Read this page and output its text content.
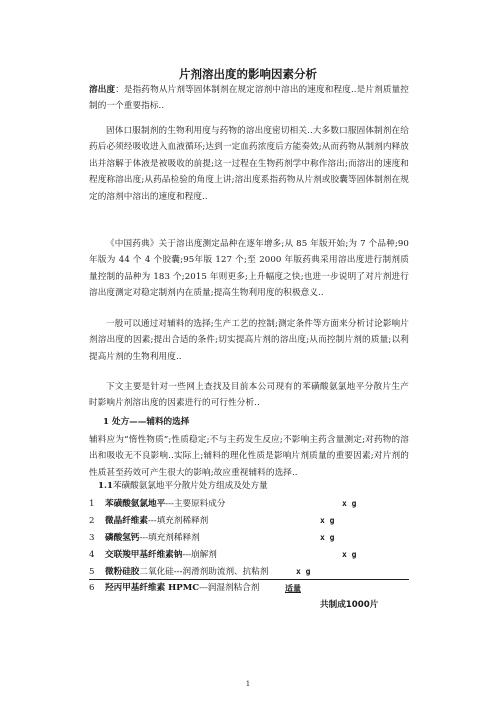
片剂溶出度的影响因素分析
溶出度：是指药物从片剂等固体制剂在规定溶剂中溶出的速度和程度..是片剂质量控制的一个重要指标..
固体口服制剂的生物利用度与药物的溶出度密切相关..大多数口服固体制剂在给药后必须经吸收进入血液循环;达到一定血药浓度后方能奏效;从而药物从制剂内释放出并溶解于体液是被吸收的前提;这一过程在生物药剂学中称作溶出;而溶出的速度和程度称溶出度;从药品检验的角度上讲;溶出度系指药物从片剂或胶囊等固体制剂在规定的溶剂中溶出的速度和程度..
《中国药典》关于溶出度测定品种在逐年增多;从 85 年版开始;为 7 个品种;90 年版为 44 个 4 个胶囊;95年版 127 个;至 2000 年版药典采用溶出度进行制剂质量控制的品种为 183 个;2015 年则更多;上升幅度之快;也进一步说明了对片剂进行溶出度测定对稳定制剂内在质量;提高生物利用度的积极意义..
一般可以通过对辅料的选择;生产工艺的控制;测定条件等方面来分析讨论影响片剂溶出度的因素;提出合适的条件;切实提高片剂的溶出度;从而控制片剂的质量;以利提高片剂的生物利用度..
下文主要是针对一些网上查找及目前本公司现有的苯磺酸氨氯地平分散片生产时影响片剂溶出度的因素进行的可行性分析..
1 处方——辅料的选择
辅料应为“惰性物质”;性质稳定;不与主药发生反应;不影响主药含量测定;对药物的溶出和吸收无不良影响..实际上;辅料的理化性质是影响片剂质量的重要因素;对片剂的性质甚至药效可产生很大的影响;故应重视辅料的选择..
1.1苯磺酸氨氯地平分散片处方组成及处方量
1	苯磺酸氨氯地平---主要原料成分	x g
2	微晶纤维素---填充剂稀释剂	x g
3	磷酸氢钙---填充剂稀释剂	x g
4	交联羧甲基纤维素钠---崩解剂	x g
5	微粉硅胶二氧化硅---润滑剂助流剂、抗粘剂	x g
6	羟丙甲基纤维素 HPMC---润湿剂粘合剂	适量
共制成1000片
1
